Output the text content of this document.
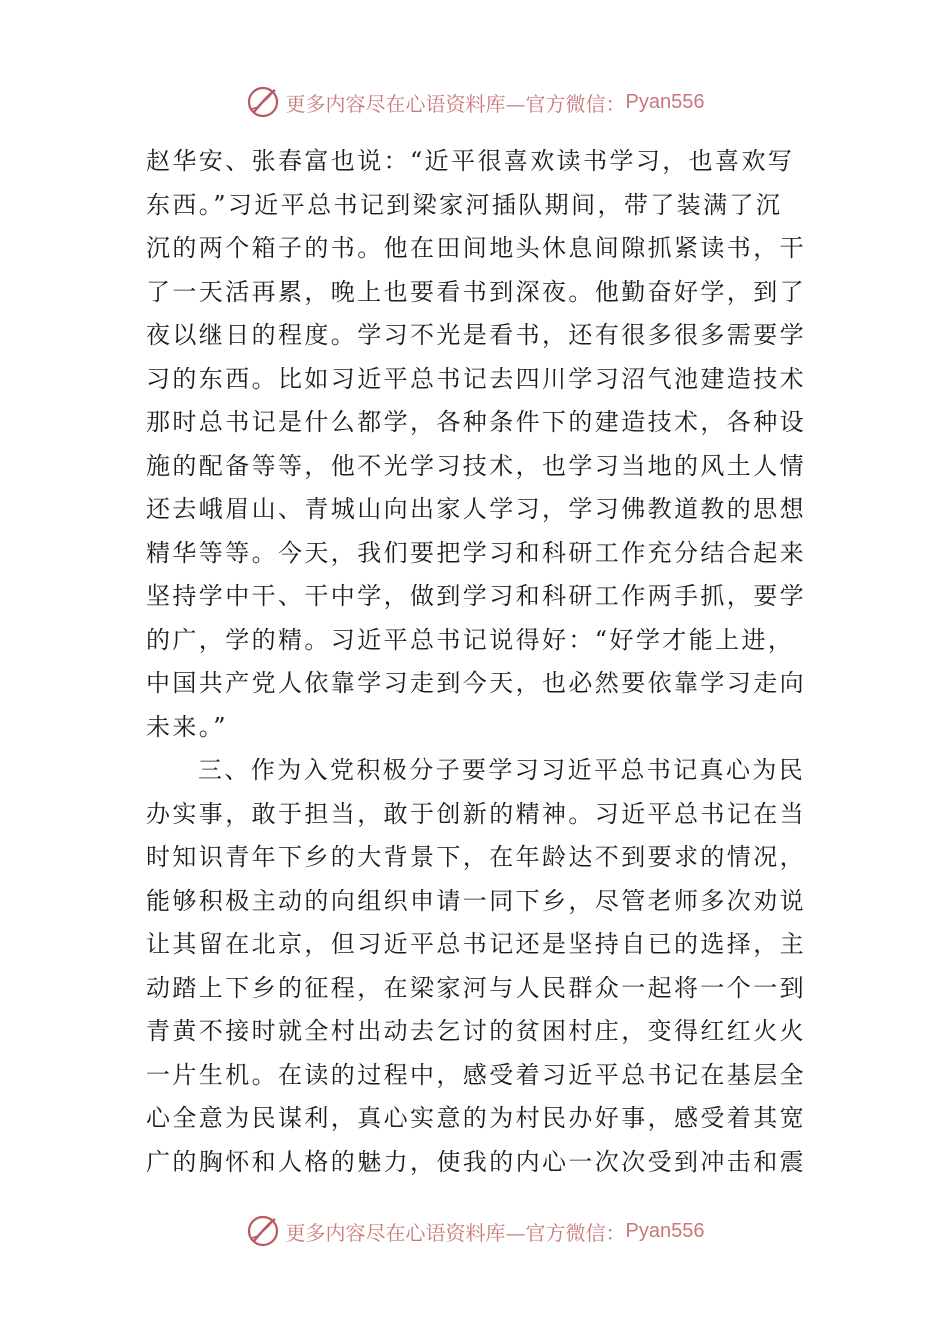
更多内容尽在心语资料库—官方微信： Pyan556
赵华安、张春富也说：“近平很喜欢读书学习，也喜欢写
东西。”习近平总书记到梁家河插队期间，带了装满了沉
沉的两个箱子的书。他在田间地头休息间隙抓紧读书，干
了一天活再累，晚上也要看书到深夜。他勤奋好学，到了
夜以继日的程度。学习不光是看书，还有很多很多需要学
习的东西。比如习近平总书记去四川学习沼气池建造技术
那时总书记是什么都学，各种条件下的建造技术，各种设
施的配备等等，他不光学习技术，也学习当地的风土人情
还去峨眉山、青城山向出家人学习，学习佛教道教的思想
精华等等。今天，我们要把学习和科研工作充分结合起来
坚持学中干、干中学，做到学习和科研工作两手抓，要学
的广，学的精。习近平总书记说得好：“好学才能上进，
中国共产党人依靠学习走到今天，也必然要依靠学习走向
未来。”
三、作为入党积极分子要学习习近平总书记真心为民
办实事，敢于担当，敢于创新的精神。习近平总书记在当
时知识青年下乡的大背景下，在年龄达不到要求的情况，
能够积极主动的向组织申请一同下乡，尽管老师多次劝说
让其留在北京，但习近平总书记还是坚持自已的选择，主
动踏上下乡的征程，在梁家河与人民群众一起将一个一到
青黄不接时就全村出动去乞讨的贫困村庄，变得红红火火
一片生机。在读的过程中，感受着习近平总书记在基层全
心全意为民谋利，真心实意的为村民办好事，感受着其宽
广的胸怀和人格的魅力，使我的内心一次次受到冲击和震
更多内容尽在心语资料库—官方微信： Pyan556
